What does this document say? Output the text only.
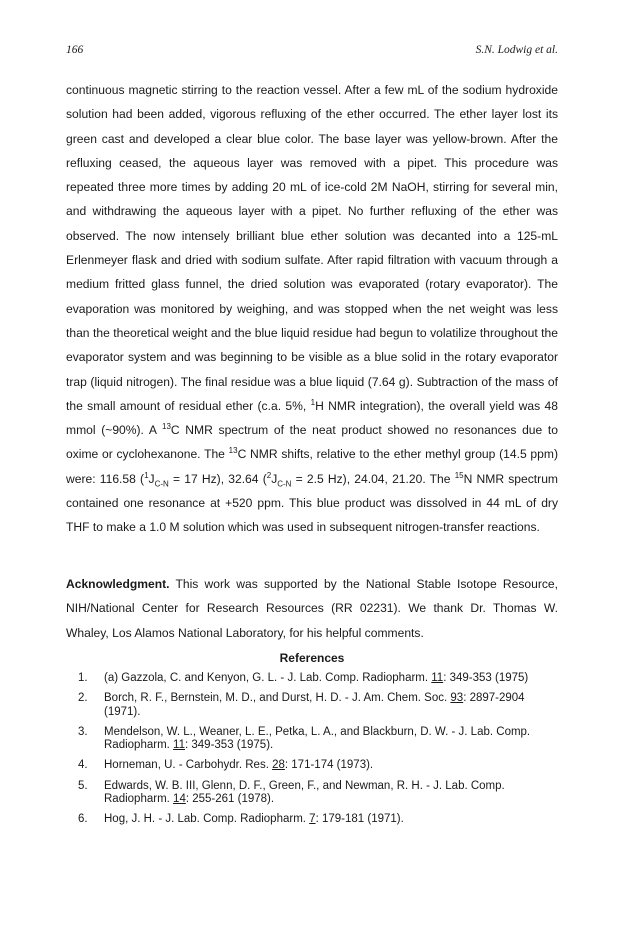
166	S.N. Lodwig et al.

continuous magnetic stirring to the reaction vessel. After a few mL of the sodium hydroxide solution had been added, vigorous refluxing of the ether occurred. The ether layer lost its green cast and developed a clear blue color. The base layer was yellow-brown. After the refluxing ceased, the aqueous layer was removed with a pipet. This procedure was repeated three more times by adding 20 mL of ice-cold 2M NaOH, stirring for several min, and withdrawing the aqueous layer with a pipet. No further refluxing of the ether was observed. The now intensely brilliant blue ether solution was decanted into a 125-mL Erlenmeyer flask and dried with sodium sulfate. After rapid filtration with vacuum through a medium fritted glass funnel, the dried solution was evaporated (rotary evaporator). The evaporation was monitored by weighing, and was stopped when the net weight was less than the theoretical weight and the blue liquid residue had begun to volatilize throughout the evaporator system and was beginning to be visible as a blue solid in the rotary evaporator trap (liquid nitrogen). The final residue was a blue liquid (7.64 g). Subtraction of the mass of the small amount of residual ether (c.a. 5%, $^1$H NMR integration), the overall yield was 48 mmol (~90%). A $^{13}$C NMR spectrum of the neat product showed no resonances due to oxime or cyclohexanone. The $^{13}$C NMR shifts, relative to the ether methyl group (14.5 ppm) were: 116.58 ($^1J_{C-N} = 17$ Hz), 32.64 ($^2J_{C-N} = 2.5$ Hz), 24.04, 21.20. The $^{15}$N NMR spectrum contained one resonance at +520 ppm. This blue product was dissolved in 44 mL of dry THF to make a 1.0 M solution which was used in subsequent nitrogen-transfer reactions.

Acknowledgment. This work was supported by the National Stable Isotope Resource, NIH/National Center for Research Resources (RR 02231). We thank Dr. Thomas W. Whaley, Los Alamos National Laboratory, for his helpful comments.

References
1. (a) Gazzola, C. and Kenyon, G. L. - J. Lab. Comp. Radiopharm. 11: 349-353 (1975)
2. Borch, R. F., Bernstein, M. D., and Durst, H. D. - J. Am. Chem. Soc. 93: 2897-2904 (1971).
3. Mendelson, W. L., Weaner, L. E., Petka, L. A., and Blackburn, D. W. - J. Lab. Comp. Radiopharm. 11: 349-353 (1975).
4. Horneman, U. - Carbohydr. Res. 28: 171-174 (1973).
5. Edwards, W. B. III, Glenn, D. F., Green, F., and Newman, R. H. - J. Lab. Comp. Radiopharm. 14: 255-261 (1978).
6. Hog, J. H. - J. Lab. Comp. Radiopharm. 7: 179-181 (1971).
